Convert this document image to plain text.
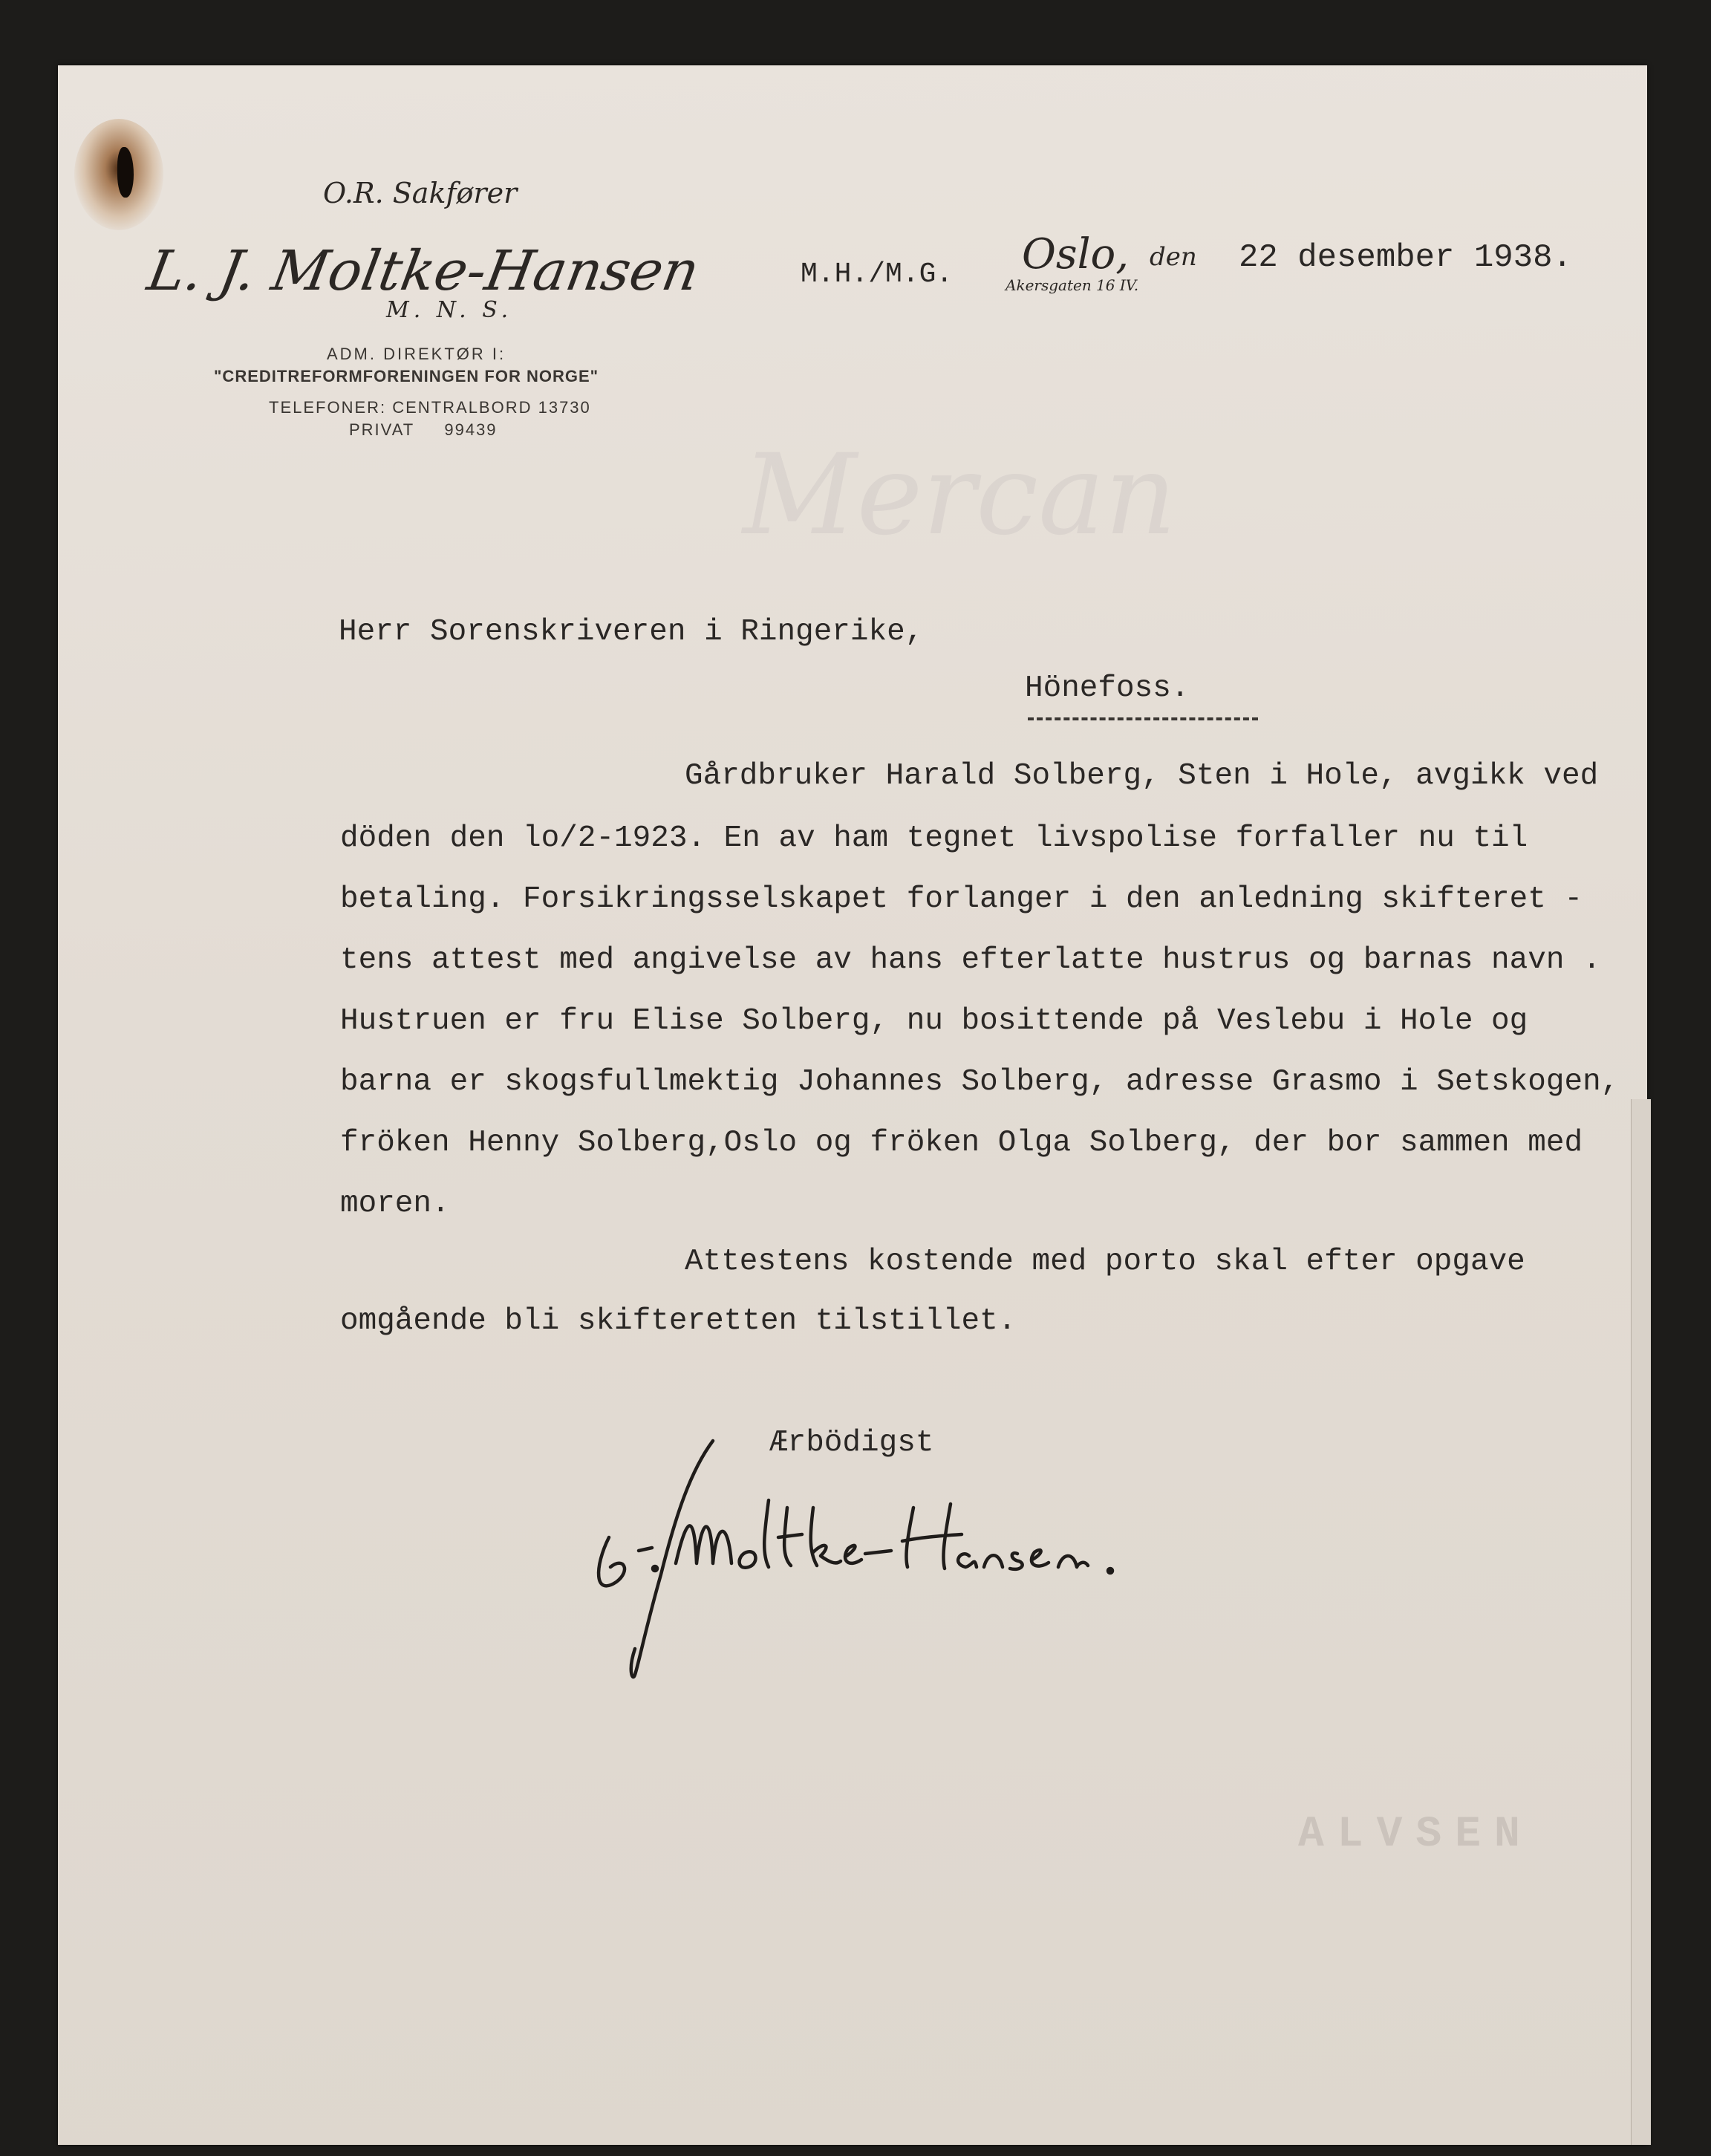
O.R. Sakfører
L. J. Moltke-Hansen
M. N. S.
ADM. DIREKTØR I:
"CREDITREFORMFORENINGEN FOR NORGE"
TELEFONER: CENTRALBORD 13730
PRIVAT     99439
M.H./M.G. Oslo, den
Akersgaten 16 IV.
22 desember 1938.
Mercan
Herr Sorenskriveren i Ringerike,
Hönefoss.
Gårdbruker Harald Solberg, Sten i Hole, avgikk ved
döden den lo/2-1923. En av ham tegnet livspolise forfaller nu til
betaling. Forsikringsselskapet forlanger i den anledning skifteret -
tens attest med angivelse av hans efterlatte hustrus og barnas navn .
Hustruen er fru Elise Solberg, nu bosittende på Veslebu i Hole og
barna er skogsfullmektig Johannes Solberg, adresse Grasmo i Setskogen,
fröken Henny Solberg,Oslo og fröken Olga Solberg, der bor sammen med
moren.
Attestens kostende med porto skal efter opgave
omgående bli skifteretten tilstillet.
Ærbödigst
ALVSEN
